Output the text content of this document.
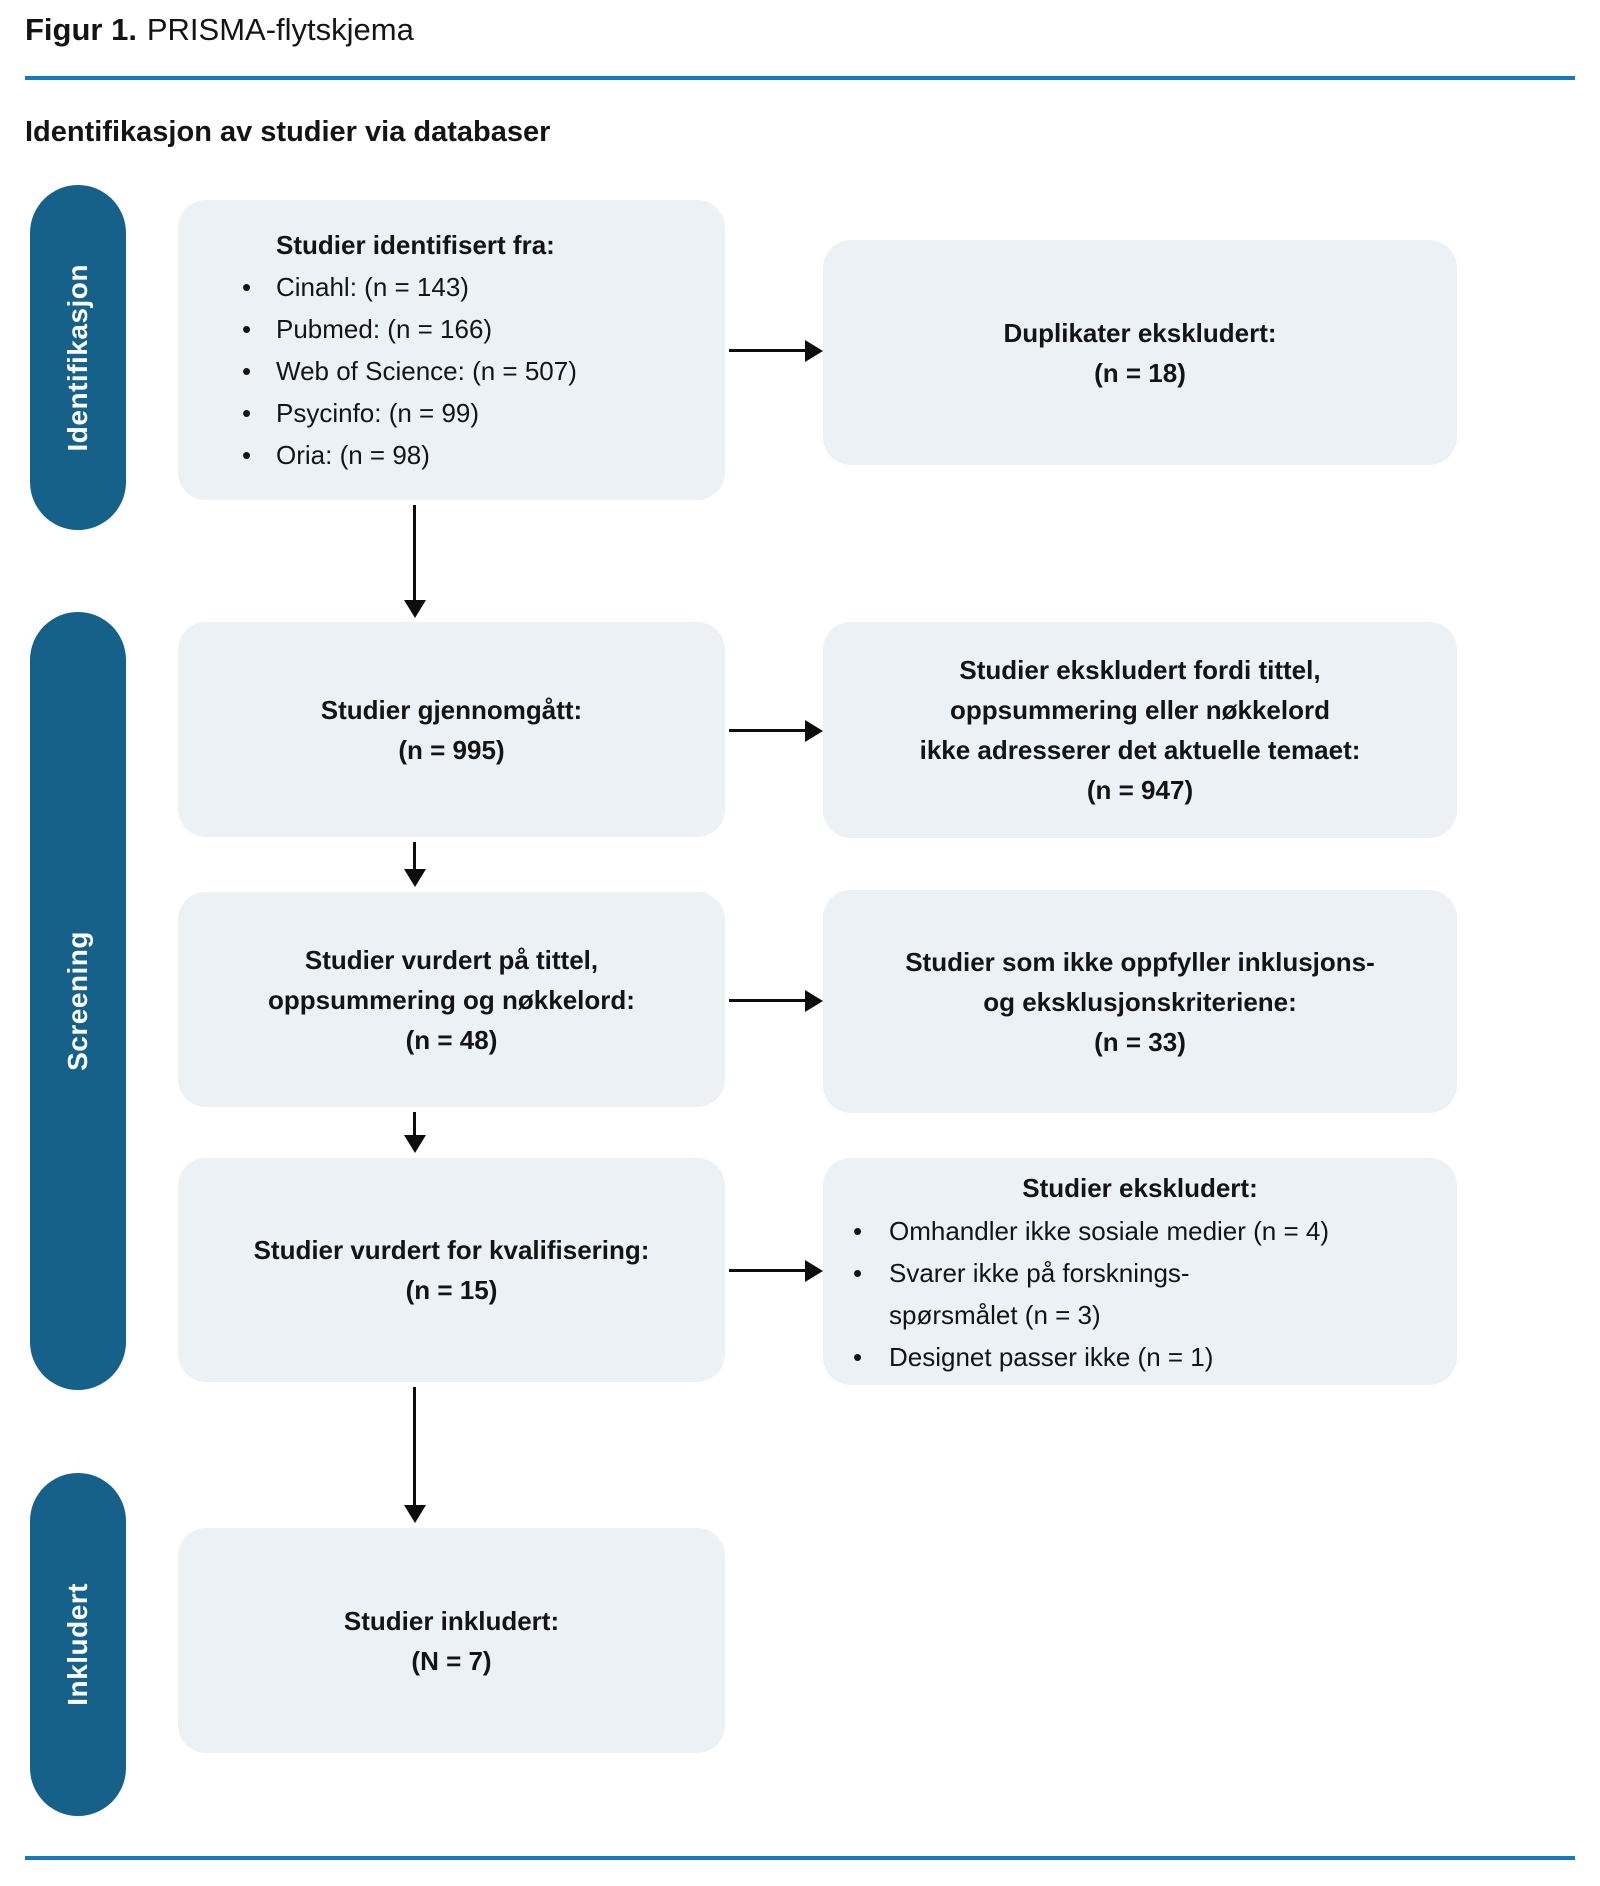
Figur 1. PRISMA-flytskjema
Identifikasjon av studier via databaser
Identifikasjon
Screening
Inkludert
Studier identifisert fra:
•
Cinahl: (n = 143)
•
Pubmed: (n = 166)
•
Web of Science: (n = 507)
•
Psycinfo: (n = 99)
•
Oria: (n = 98)
Duplikater ekskludert:
(n = 18)
Studier gjennomgått:
(n = 995)
Studier ekskludert fordi tittel,
oppsummering eller nøkkelord
ikke adresserer det aktuelle temaet:
(n = 947)
Studier vurdert på tittel,
oppsummering og nøkkelord:
(n = 48)
Studier som ikke oppfyller inklusjons-
og eksklusjonskriteriene:
(n = 33)
Studier vurdert for kvalifisering:
(n = 15)
Studier ekskludert:
•
Omhandler ikke sosiale medier (n = 4)
•
Svarer ikke på forsknings-
spørsmålet (n = 3)
•
Designet passer ikke (n = 1)
Studier inkludert:
(N = 7)
